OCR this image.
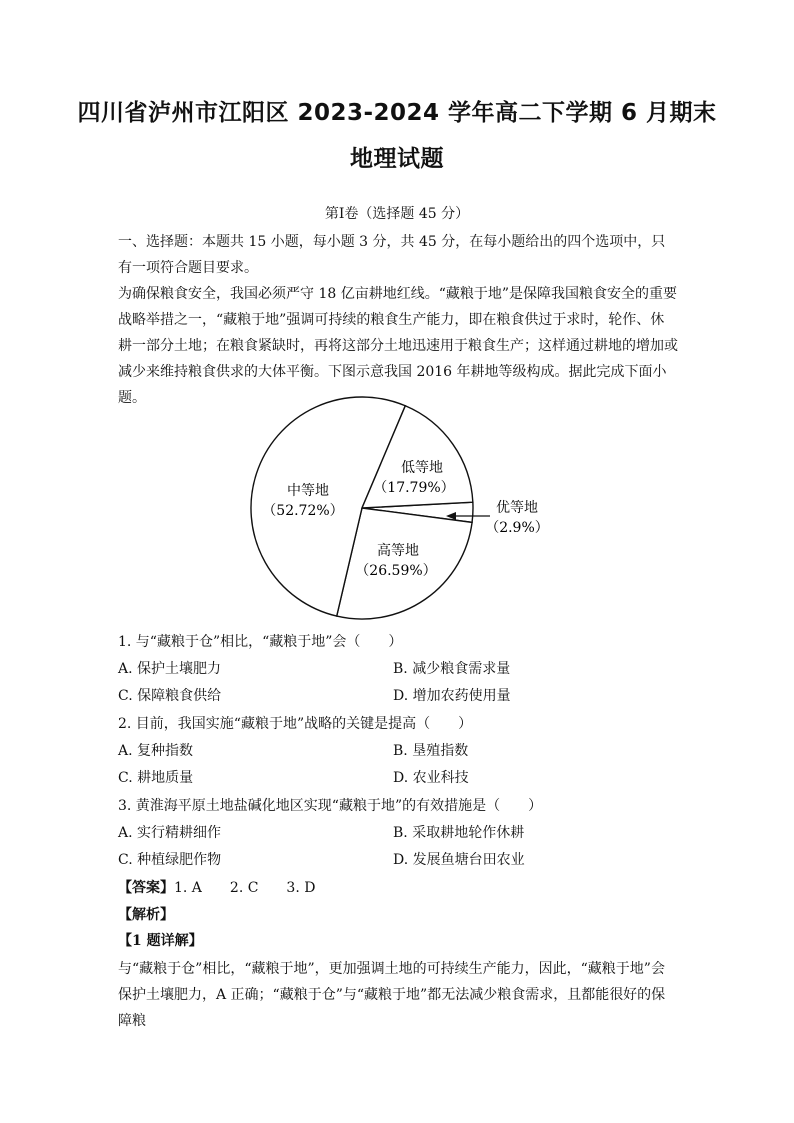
四川省泸州市江阳区 2023-2024 学年高二下学期 6 月期末
地理试题
第Ⅰ卷（选择题 45 分）

一、选择题：本题共 15 小题，每小题 3 分，共 45 分，在每小题给出的四个选项中，只有一项符合题目要求。

为确保粮食安全，我国必须严守 18 亿亩耕地红线。“藏粮于地”是保障我国粮食安全的重要战略举措之一，“藏粮于地”强调可持续的粮食生产能力，即在粮食供过于求时，轮作、休耕一部分土地；在粮食紧缺时，再将这部分土地迅速用于粮食生产；这样通过耕地的增加或减少来维持粮食供求的大体平衡。下图示意我国 2016 年耕地等级构成。据此完成下面小题。

低等地
（17.79%）
中等地
（52.72%）
高等地
（26.59%）
优等地
（2.9%）
1. 与“藏粮于仓”相比，“藏粮于地”会（　　）
A. 保护土壤肥力	B. 减少粮食需求量
C. 保障粮食供给	D. 增加农药使用量
2. 目前，我国实施“藏粮于地”战略的关键是提高（　　）
A. 复种指数	B. 垦殖指数
C. 耕地质量	D. 农业科技
3. 黄淮海平原土地盐碱化地区实现“藏粮于地”的有效措施是（　　）
A. 实行精耕细作	B. 采取耕地轮作休耕
C. 种植绿肥作物	D. 发展鱼塘台田农业
【答案】1. A　　2. C　　3. D
【解析】
【1 题详解】

与“藏粮于仓”相比，“藏粮于地”，更加强调土地的可持续生产能力，因此，“藏粮于地”会保护土壤肥力，A 正确；“藏粮于仓”与“藏粮于地”都无法减少粮食需求，且都能很好的保障粮
